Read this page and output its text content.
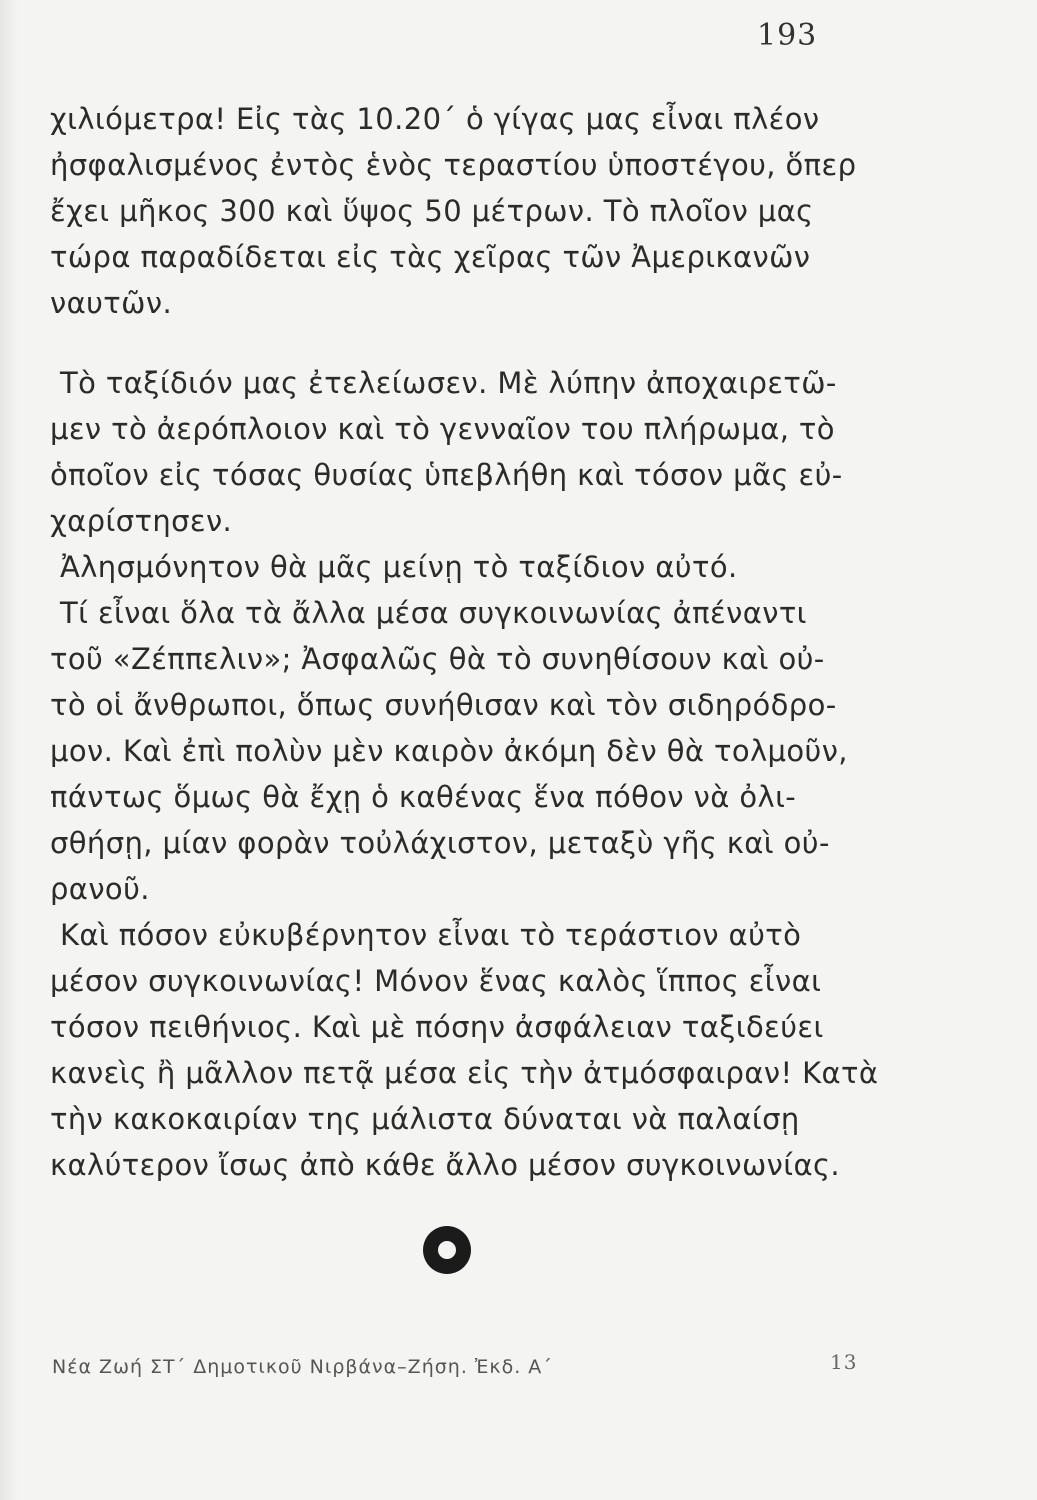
193
χιλιόμετρα! Εἰς τὰς 10.20΄ ὁ γίγας μας εἶναι πλέον
ἠσφαλισμένος ἐντὸς ἑνὸς τεραστίου ὑποστέγου, ὅπερ
ἔχει μῆκος 300 καὶ ὕψος 50 μέτρων. Τὸ πλοῖον μας
τώρα παραδίδεται εἰς τὰς χεῖρας τῶν Ἀμερικανῶν
ναυτῶν.
Τὸ ταξίδιόν μας ἐτελείωσεν. Μὲ λύπην ἀποχαιρετῶ-
μεν τὸ ἀερόπλοιον καὶ τὸ γενναῖον του πλήρωμα, τὸ
ὁποῖον εἰς τόσας θυσίας ὑπεβλήθη καὶ τόσον μᾶς εὐ-
χαρίστησεν.
Ἀλησμόνητον θὰ μᾶς μείνῃ τὸ ταξίδιον αὐτό.
Τί εἶναι ὅλα τὰ ἄλλα μέσα συγκοινωνίας ἀπέναντι
τοῦ «Ζέππελιν»; Ἀσφαλῶς θὰ τὸ συνηθίσουν καὶ οὐ-
τὸ οἱ ἄνθρωποι, ὅπως συνήθισαν καὶ τὸν σιδηρόδρο-
μον. Καὶ ἐπὶ πολὺν μὲν καιρὸν ἀκόμη δὲν θὰ τολμοῦν,
πάντως ὅμως θὰ ἔχῃ ὁ καθένας ἕνα πόθον νὰ ὀλι-
σθήσῃ, μίαν φορὰν τοὐλάχιστον, μεταξὺ γῆς καὶ οὐ-
ρανοῦ.
Καὶ πόσον εὐκυβέρνητον εἶναι τὸ τεράστιον αὐτὸ
μέσον συγκοινωνίας! Μόνον ἕνας καλὸς ἵππος εἶναι
τόσον πειθήνιος. Καὶ μὲ πόσην ἀσφάλειαν ταξιδεύει
κανεὶς ἢ μᾶλλον πετᾷ μέσα εἰς τὴν ἀτμόσφαιραν! Κατὰ
τὴν κακοκαιρίαν της μάλιστα δύναται νὰ παλαίσῃ
καλύτερον ἴσως ἀπὸ κάθε ἄλλο μέσον συγκοινωνίας.
Νέα Ζωή ΣΤ΄ Δημοτικοῦ Νιρβάνα–Ζήση. Ἐκδ. Α΄	13
